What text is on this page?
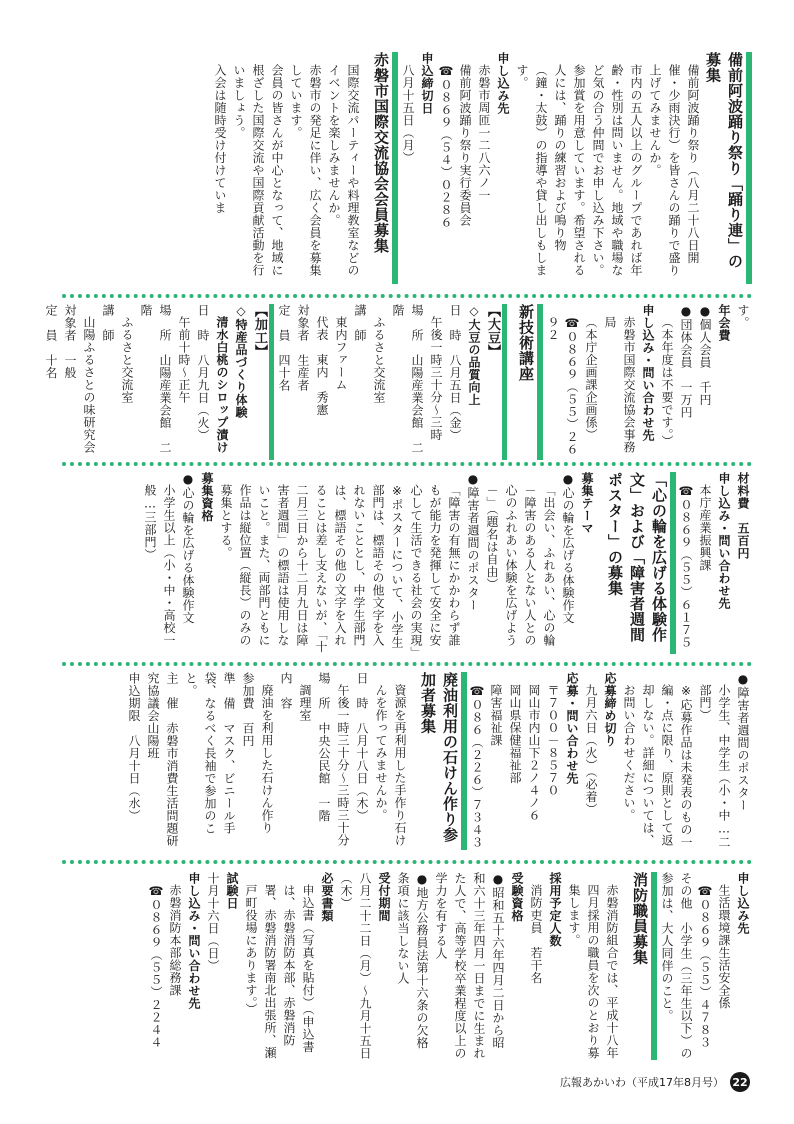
備前阿波踊り祭り「踊り連」の募集

備前阿波踊り祭り（八月二十八日開催・少雨決行）を皆さんの踊りで盛り上げてみませんか。

市内の五人以上のグループであれば年齢・性別は問いません。地域や職場など気の合う仲間でお申し込み下さい。参加賞を用意しています。希望される人には、踊りの練習および鳴り物（鐘・太鼓）の指導や貸し出しもします。

申し込み先

赤磐市周匝一二八六ノ一

備前阿波踊り祭り実行委員会

☎０８６９（５４）０２８６

申込締切日

八月十五日（月）

赤磐市国際交流協会会員募集

国際交流パーティーや料理教室などのイベントを楽しみませんか。

赤磐市の発足に伴い、広く会員を募集しています。

会員の皆さんが中心となって、地域に根ざした国際交流や国際貢献活動を行いましょう。

入会は随時受け付けていま

す。

年会費

●個人会員　千円

●団体会員　一万円

（本年度は不要です。）

申し込み・問い合わせ先

赤磐市国際交流協会事務局

（本庁企画課企画係）

☎０８６９（５５）２６９２

新技術講座

【大豆】

◇大豆の品質向上

日　時　八月五日（金）

午後一時三十分～三時

場　所　山陽産業会館　二階

ふるさと交流室

講　師

東内ファーム

代表　東内　秀憲

対象者　生産者

定　員　四十名

【加工】

◇特産品づくり体験

清水白桃のシロップ漬け

日　時　八月九日（火）

午前十時～正午

場　所　山陽産業会館　二階

ふるさと交流室

講　師

山陽ふるさとの味研究会

対象者　一般

定　員　十名

材料費　五百円

申し込み・問い合わせ先

本庁産業振興課

☎０８６９（５５）６１７５

「心の輪を広げる体験作文」および「障害者週間ポスター」の募集

募集テーマ

●心の輪を広げる体験作文

「出会い、ふれあい、心の輪－障害のある人とない人との心のふれあい体験を広げよう－」（題名は自由）

●障害者週間のポスター

「障害の有無にかかわらず誰もが能力を発揮して安全に安心して生活できる社会の実現」

※ポスターについて、小学生部門は、標語その他文字を入れないこととし、中学生部門は、標語その他の文字を入れることは差し支えないが、「十二月三日から十二月九日は障害者週間」の標語は使用しないこと。また、両部門ともに作品は縦位置（縦長）のみの募集とする。

募集資格

●心の輪を広げる体験作文

小学生以上（小・中・高校一般…三部門）

●障害者週間のポスター

小学生、中学生（小・中…二部門）

※応募作品は未発表のもの一編・点に限り、原則として返却しない。詳細については、お問い合わせください。

応募締め切り

九月六日（火）（必着）

応募・問い合わせ先

〒７００－８５７０

岡山市内山下２ノ４ノ６

岡山県保健福祉部

障害福祉課

☎０８６（２２６）７３４３

廃油利用の石けん作り参加者募集

資源を再利用した手作り石けんを作ってみませんか。

日　時　八月十八日（木）

午後一時三十分～三時三十分

場　所　中央公民館　一階

調理室

内　容

廃油を利用した石けん作り

参加費　百円

準　備　マスク、ビニール手袋、なるべく長袖で参加のこと。

主　催　赤磐市消費生活問題研究協議会山陽班

申込期限　八月十日（水）

申し込み先

生活環境課生活安全係

☎０８６９（５５）４７８３

その他　小学生（三年生以下）の参加は、大人同伴のこと。

消防職員募集

赤磐消防組合では、平成十八年四月採用の職員を次のとおり募集します。

採用予定人数

消防吏員　若干名

受験資格

●昭和五十六年四月二日から昭和六十三年四月一日までに生まれた人で、高等学校卒業程度以上の学力を有する人

●地方公務員法第十六条の欠格条項に該当しない人

受付期間

八月二十二日（月）～九月十五日（木）

必要書類

申込書（写真を貼付）（申込書は、赤磐消防本部、赤磐消防署、赤磐消防署南北出張所、瀬戸町役場にあります。）

試験日

十月十六日（日）

申し込み・問い合わせ先

赤磐消防本部総務課

☎０８６９（５５）２２４４

広報あかいわ（平成17年8月号） 22
